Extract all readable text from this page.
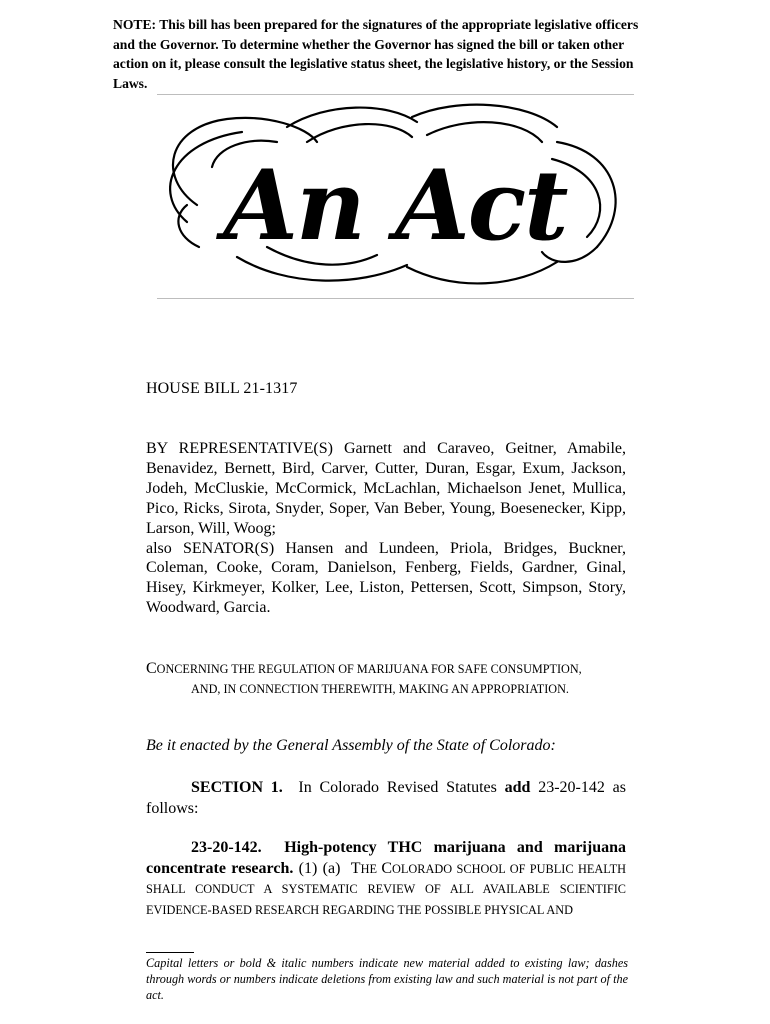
NOTE: This bill has been prepared for the signatures of the appropriate legislative officers and the Governor. To determine whether the Governor has signed the bill or taken other action on it, please consult the legislative status sheet, the legislative history, or the Session Laws.
An Act
HOUSE BILL 21-1317
BY REPRESENTATIVE(S) Garnett and Caraveo, Geitner, Amabile, Benavidez, Bernett, Bird, Carver, Cutter, Duran, Esgar, Exum, Jackson, Jodeh, McCluskie, McCormick, McLachlan, Michaelson Jenet, Mullica, Pico, Ricks, Sirota, Snyder, Soper, Van Beber, Young, Boesenecker, Kipp, Larson, Will, Woog;
also SENATOR(S) Hansen and Lundeen, Priola, Bridges, Buckner, Coleman, Cooke, Coram, Danielson, Fenberg, Fields, Gardner, Ginal, Hisey, Kirkmeyer, Kolker, Lee, Liston, Pettersen, Scott, Simpson, Story, Woodward, Garcia.
CONCERNING THE REGULATION OF MARIJUANA FOR SAFE CONSUMPTION,
AND, IN CONNECTION THEREWITH, MAKING AN APPROPRIATION.
Be it enacted by the General Assembly of the State of Colorado:
SECTION 1.  In Colorado Revised Statutes add 23-20-142 as follows:
23-20-142.  High-potency THC marijuana and marijuana concentrate research. (1) (a)  THE COLORADO SCHOOL OF PUBLIC HEALTH SHALL CONDUCT A SYSTEMATIC REVIEW OF ALL AVAILABLE SCIENTIFIC EVIDENCE-BASED RESEARCH REGARDING THE POSSIBLE PHYSICAL AND
Capital letters or bold & italic numbers indicate new material added to existing law; dashes through words or numbers indicate deletions from existing law and such material is not part of the act.
